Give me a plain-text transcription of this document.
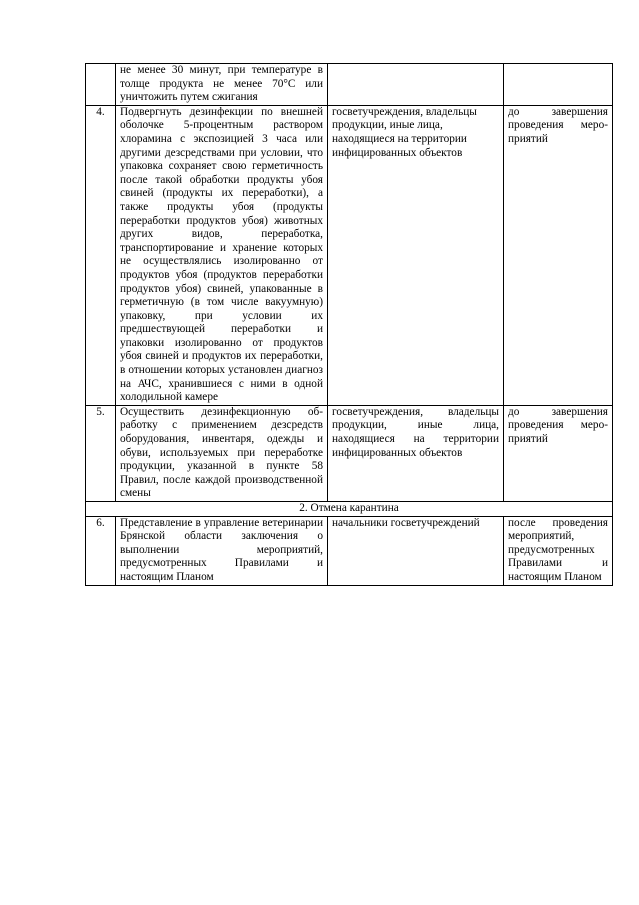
	не менее 30 минут, при температуре в толще продукта не менее 70°С или уничтожить путем сжигания		
4.	Подвергнуть дезинфекции по внешней оболочке 5-процентным раствором хлорамина с экспозицией 3 часа или другими дезсредствами при условии, что упаковка сохраняет свою герметичность после такой обработки продукты убоя свиней (продукты их переработки), а также продукты убоя (продукты переработки продуктов убоя) животных других видов, переработка, транспортирование и хранение которых не осуществлялись изолированно от продуктов убоя (продуктов переработки продуктов убоя) свиней, упакованные в герметичную (в том числе вакуумную) упаковку, при условии их предшествующей переработки и упаковки изолированно от продуктов убоя свиней и продуктов их переработки, в отношении которых установлен диагноз на АЧС, хранившиеся с ними в одной холодильной камере	госветучреждения, владельцы продукции, иные лица, находящиеся на территории инфицированных объектов	до завершения проведения мероприятий
5.	Осуществить дезинфекционную обработку с применением дезсредств оборудования, инвентаря, одежды и обуви, используемых при переработке продукции, указанной в пункте 58 Правил, после каждой производственной смены	госветучреждения, владельцы продукции, иные лица, находящиеся на территории инфицированных объектов	до завершения проведения мероприятий
2. Отмена карантина			
6.	Представление в управление ветеринарии Брянской области заключения о выполнении мероприятий, предусмотренных Правилами и настоящим Планом	начальники госветучреждений	после проведения мероприятий, предусмотренных Правилами и настоящим Планом
